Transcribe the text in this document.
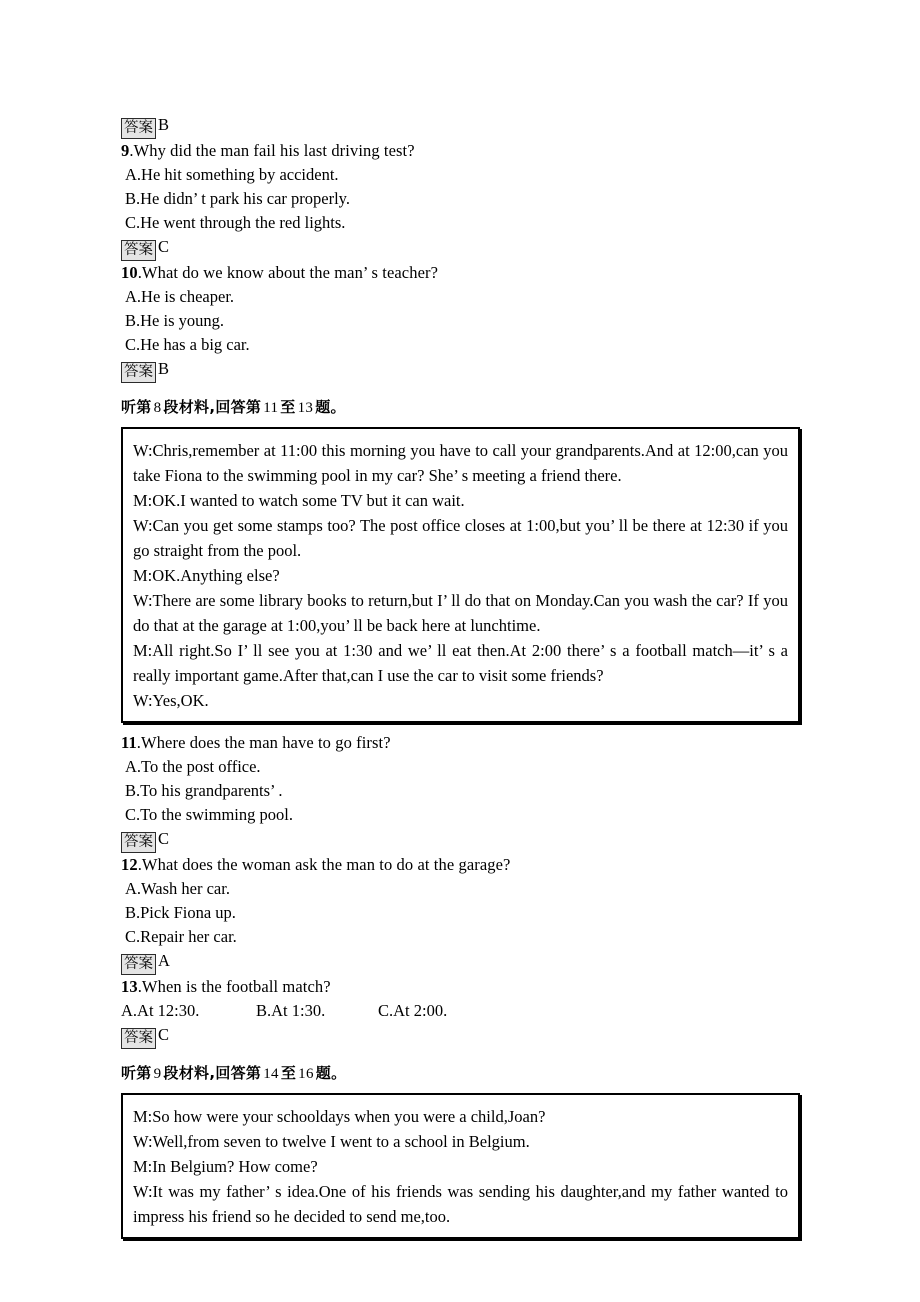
答案 B
9.Why did the man fail his last driving test?
A.He hit something by accident.
B.He didn’ t park his car properly.
C.He went through the red lights.
答案 C
10.What do we know about the man’ s teacher?
A.He is cheaper.
B.He is young.
C.He has a big car.
答案 B
听第 8 段材料,回答第 11 至 13 题。
W:Chris,remember at 11:00 this morning you have to call your grandparents.And at 12:00,can you take Fiona to the swimming pool in my car? She’ s meeting a friend there.
M:OK.I wanted to watch some TV but it can wait.
W:Can you get some stamps too? The post office closes at 1:00,but you’ ll be there at 12:30 if you go straight from the pool.
M:OK.Anything else?
W:There are some library books to return,but I’ ll do that on Monday.Can you wash the car? If you do that at the garage at 1:00,you’ ll be back here at lunchtime.
M:All right.So I’ ll see you at 1:30 and we’ ll eat then.At 2:00 there’ s a football match—it’ s a really important game.After that,can I use the car to visit some friends?
W:Yes,OK.
11.Where does the man have to go first?
A.To the post office.
B.To his grandparents’ .
C.To the swimming pool.
答案 C
12.What does the woman ask the man to do at the garage?
A.Wash her car.
B.Pick Fiona up.
C.Repair her car.
答案 A
13.When is the football match?
A.At 12:30.	B.At 1:30.	C.At 2:00.
答案 C
听第 9 段材料,回答第 14 至 16 题。
M:So how were your schooldays when you were a child,Joan?
W:Well,from seven to twelve I went to a school in Belgium.
M:In Belgium? How come?
W:It was my father’ s idea.One of his friends was sending his daughter,and my father wanted to impress his friend so he decided to send me,too.
